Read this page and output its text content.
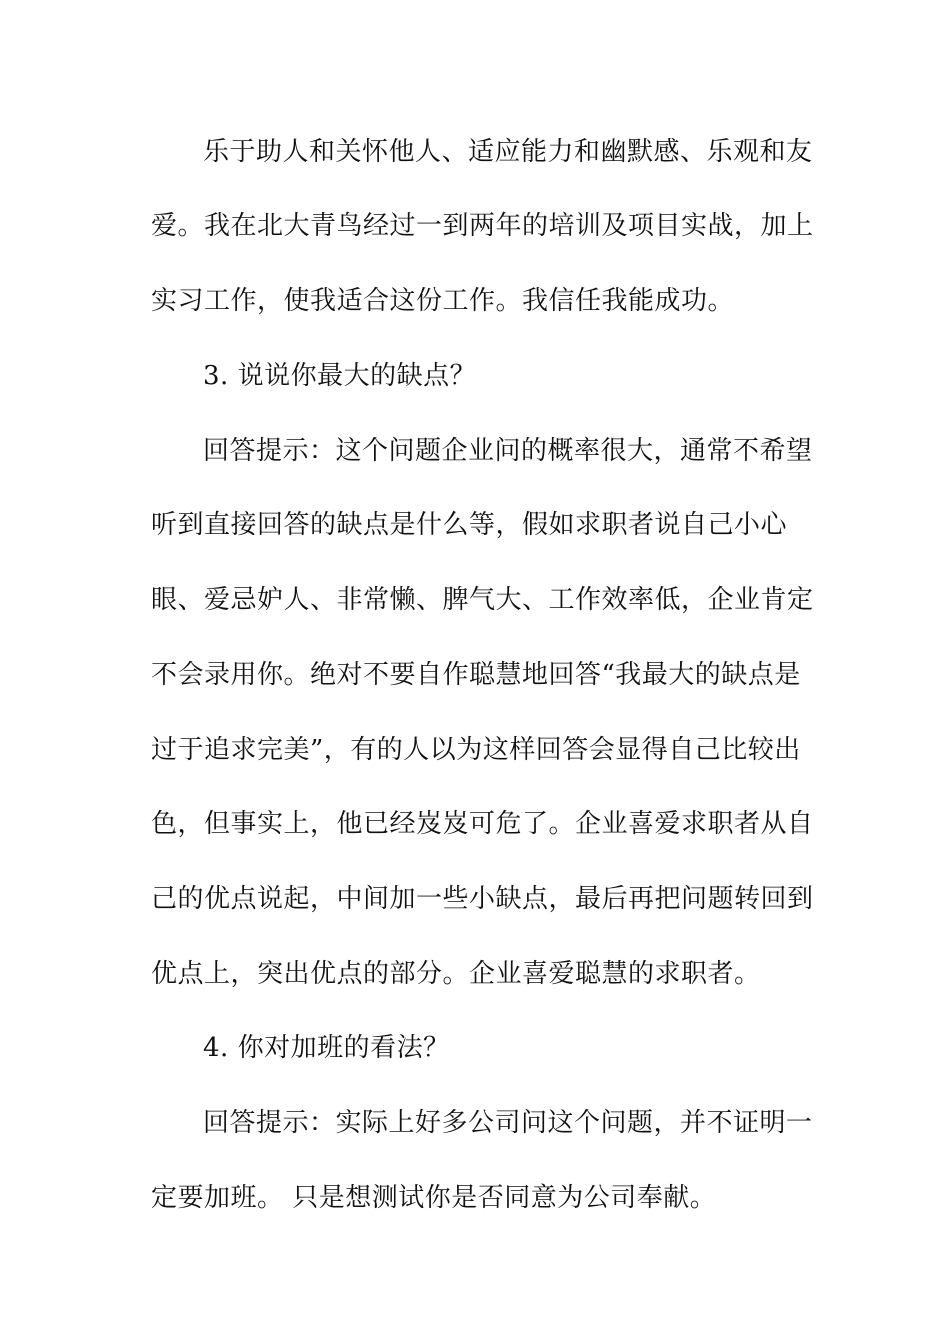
乐于助人和关怀他人、适应能力和幽默感、乐观和友
爱。我在北大青鸟经过一到两年的培训及项目实战，加上
实习工作，使我适合这份工作。我信任我能成功。
3. 说说你最大的缺点？
回答提示：这个问题企业问的概率很大，通常不希望
听到直接回答的缺点是什么等，假如求职者说自己小心
眼、爱忌妒人、非常懒、脾气大、工作效率低，企业肯定
不会录用你。绝对不要自作聪慧地回答“我最大的缺点是
过于追求完美”，有的人以为这样回答会显得自己比较出
色，但事实上，他已经岌岌可危了。企业喜爱求职者从自
己的优点说起，中间加一些小缺点，最后再把问题转回到
优点上，突出优点的部分。企业喜爱聪慧的求职者。
4. 你对加班的看法？
回答提示：实际上好多公司问这个问题，并不证明一
定要加班。 只是想测试你是否同意为公司奉献。
